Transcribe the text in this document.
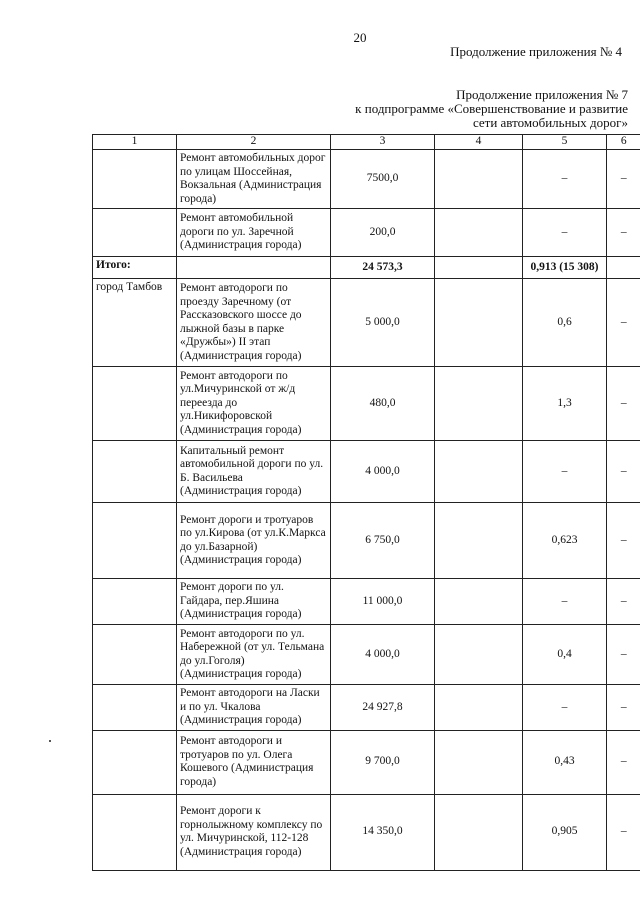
20
Продолжение приложения № 4
Продолжение приложения № 7
к подпрограмме «Совершенствование и развитие
сети автомобильных дорог»
1	2	3	4	5	6
	Ремонт автомобильных дорог по улицам Шоссейная, Вокзальная (Администрация города)	7500,0		–	–
	Ремонт автомобильной дороги по ул. Заречной (Администрация города)	200,0		–	–
Итого:		24 573,3		0,913 (15 308)	
город Тамбов	Ремонт автодороги по проезду Заречному (от Рассказовского шоссе до лыжной базы в парке «Дружбы») II этап (Администрация города)	5 000,0		0,6	–
	Ремонт автодороги по ул.Мичуринской от ж/д переезда до ул.Никифоровской (Администрация города)	480,0		1,3	–
	Капитальный ремонт автомобильной дороги по ул. Б. Васильева (Администрация города)	4 000,0		–	–
	Ремонт дороги и тротуаров по ул.Кирова (от ул.К.Маркса до ул.Базарной) (Администрация города)	6 750,0		0,623	–
	Ремонт дороги по ул. Гайдара, пер.Яшина (Администрация города)	11 000,0		–	–
	Ремонт автодороги по ул. Набережной (от ул. Тельмана до ул.Гоголя) (Администрация города)	4 000,0		0,4	–
	Ремонт автодороги на Ласки и по ул. Чкалова (Администрация города)	24 927,8		–	–
	Ремонт автодороги и тротуаров по ул. Олега Кошевого (Администрация города)	9 700,0		0,43	–
	Ремонт дороги к горнолыжному комплексу по ул. Мичуринской, 112-128 (Администрация города)	14 350,0		0,905	–
